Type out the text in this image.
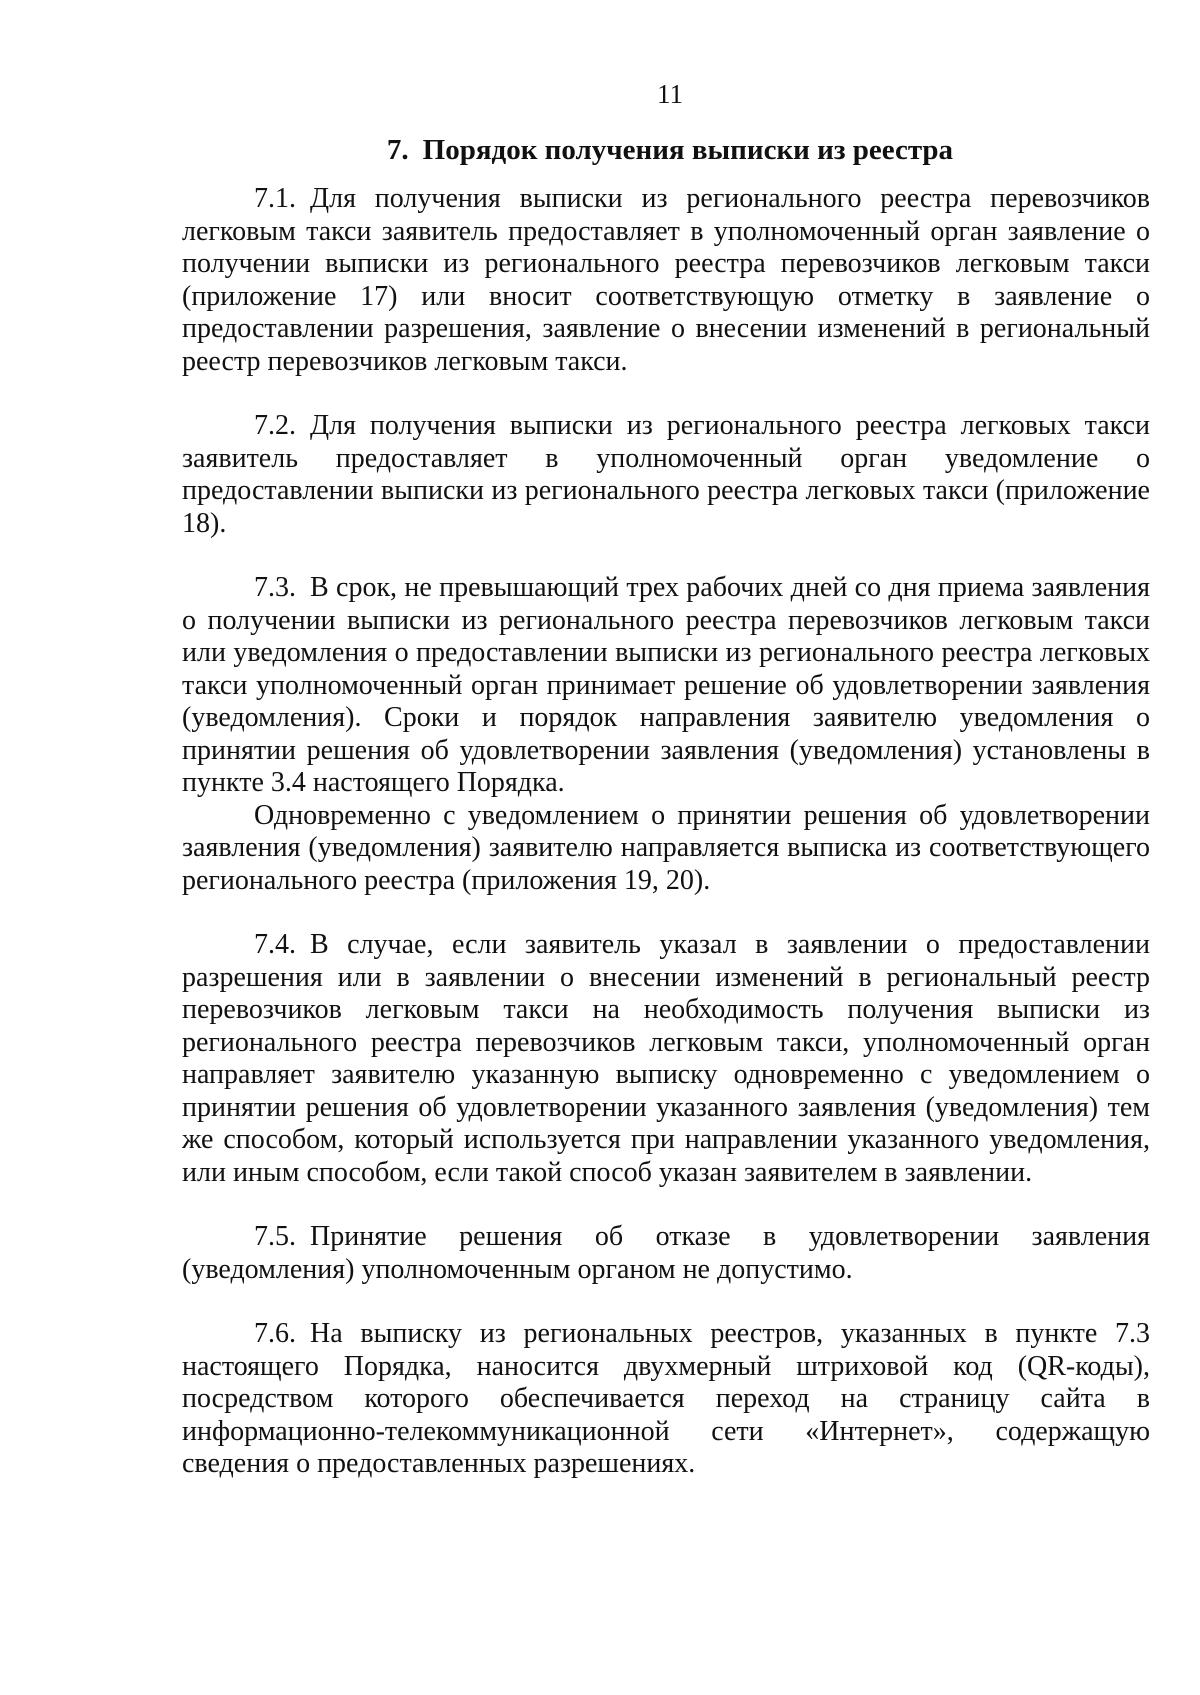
11
7. Порядок получения выписки из реестра

7.1. Для получения выписки из регионального реестра перевозчиков легковым такси заявитель предоставляет в уполномоченный орган заявление о получении выписки из регионального реестра перевозчиков легковым такси (приложение 17) или вносит соответствующую отметку в заявление о предоставлении разрешения, заявление о внесении изменений в региональный реестр перевозчиков легковым такси.

7.2. Для получения выписки из регионального реестра легковых такси заявитель предоставляет в уполномоченный орган уведомление о предоставлении выписки из регионального реестра легковых такси (приложение 18).

7.3. В срок, не превышающий трех рабочих дней со дня приема заявления о получении выписки из регионального реестра перевозчиков легковым такси или уведомления о предоставлении выписки из регионального реестра легковых такси уполномоченный орган принимает решение об удовлетворении заявления (уведомления). Сроки и порядок направления заявителю уведомления о принятии решения об удовлетворении заявления (уведомления) установлены в пункте 3.4 настоящего Порядка.

Одновременно с уведомлением о принятии решения об удовлетворении заявления (уведомления) заявителю направляется выписка из соответствующего регионального реестра (приложения 19, 20).

7.4. В случае, если заявитель указал в заявлении о предоставлении разрешения или в заявлении о внесении изменений в региональный реестр перевозчиков легковым такси на необходимость получения выписки из регионального реестра перевозчиков легковым такси, уполномоченный орган направляет заявителю указанную выписку одновременно с уведомлением о принятии решения об удовлетворении указанного заявления (уведомления) тем же способом, который используется при направлении указанного уведомления, или иным способом, если такой способ указан заявителем в заявлении.

7.5. Принятие решения об отказе в удовлетворении заявления (уведомления) уполномоченным органом не допустимо.

7.6. На выписку из региональных реестров, указанных в пункте 7.3 настоящего Порядка, наносится двухмерный штриховой код (QR-коды), посредством которого обеспечивается переход на страницу сайта в информационно-телекоммуникационной сети «Интернет», содержащую сведения о предоставленных разрешениях.
